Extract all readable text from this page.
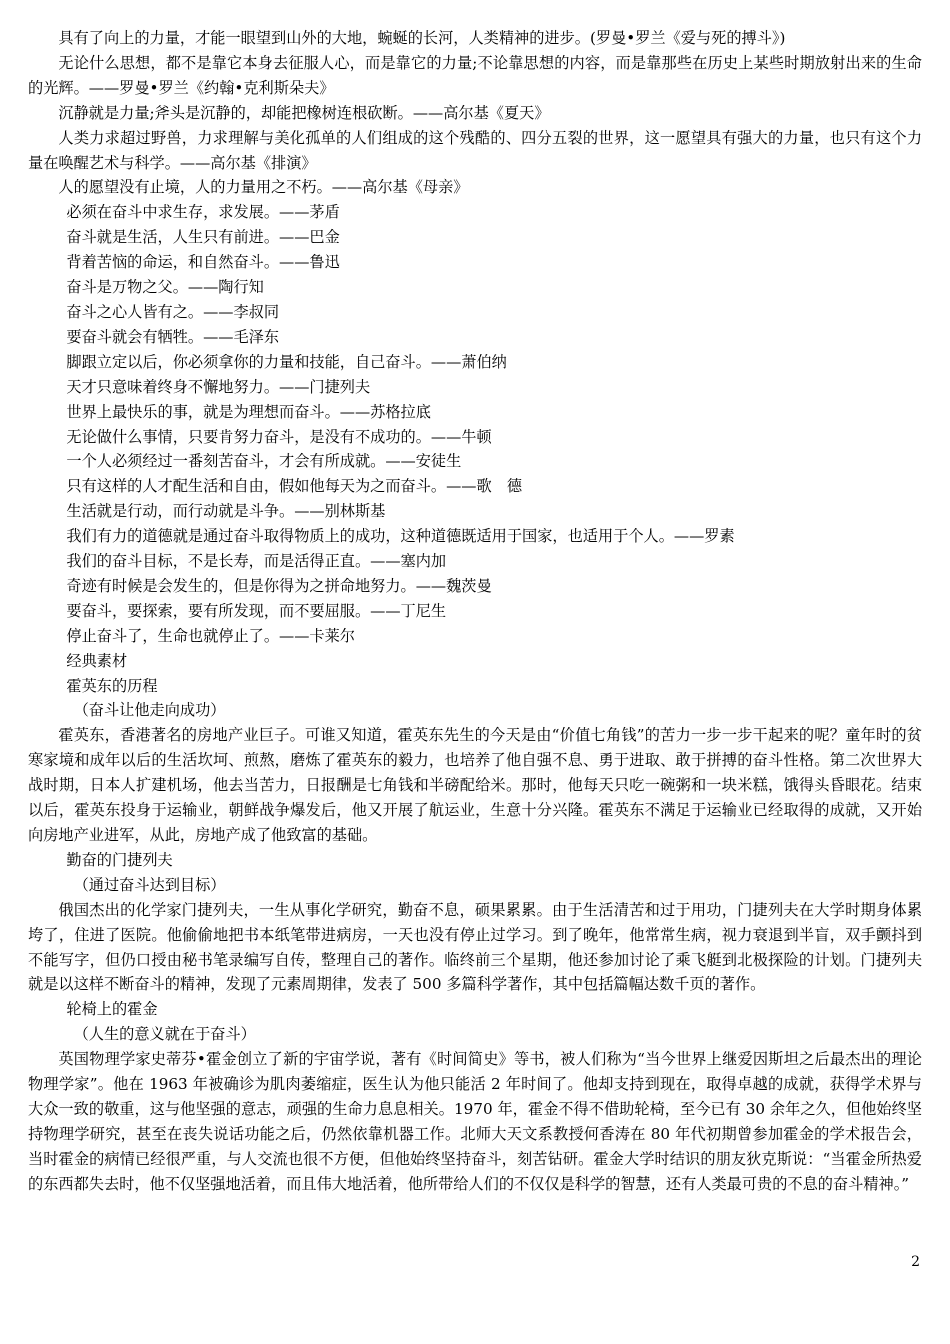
具有了向上的力量，才能一眼望到山外的大地，蜿蜒的长河，人类精神的进步。(罗曼•罗兰《爱与死的搏斗》)
无论什么思想，都不是靠它本身去征服人心，而是靠它的力量;不论靠思想的内容，而是靠那些在历史上某些时期放射出来的生命的光辉。——罗曼•罗兰《约翰•克利斯朵夫》
沉静就是力量;斧头是沉静的，却能把橡树连根砍断。——高尔基《夏天》
人类力求超过野兽，力求理解与美化孤单的人们组成的这个残酷的、四分五裂的世界，这一愿望具有强大的力量，也只有这个力量在唤醒艺术与科学。——高尔基《排演》
人的愿望没有止境，人的力量用之不朽。——高尔基《母亲》
必须在奋斗中求生存，求发展。——茅盾
奋斗就是生活，人生只有前进。——巴金
背着苦恼的命运，和自然奋斗。——鲁迅
奋斗是万物之父。——陶行知
奋斗之心人皆有之。——李叔同
要奋斗就会有牺牲。——毛泽东
脚跟立定以后，你必须拿你的力量和技能，自己奋斗。——萧伯纳
天才只意味着终身不懈地努力。——门捷列夫
世界上最快乐的事，就是为理想而奋斗。——苏格拉底
无论做什么事情，只要肯努力奋斗，是没有不成功的。——牛顿
一个人必须经过一番刻苦奋斗，才会有所成就。——安徒生
只有这样的人才配生活和自由，假如他每天为之而奋斗。——歌　德
生活就是行动，而行动就是斗争。——别林斯基
我们有力的道德就是通过奋斗取得物质上的成功，这种道德既适用于国家，也适用于个人。——罗素
我们的奋斗目标，不是长寿，而是活得正直。——塞内加
奇迹有时候是会发生的，但是你得为之拼命地努力。——魏茨曼
要奋斗，要探索，要有所发现，而不要屈服。——丁尼生
停止奋斗了，生命也就停止了。——卡莱尔
经典素材
霍英东的历程
（奋斗让他走向成功）
霍英东，香港著名的房地产业巨子。可谁又知道，霍英东先生的今天是由“价值七角钱”的苦力一步一步干起来的呢？童年时的贫寒家境和成年以后的生活坎坷、煎熬，磨炼了霍英东的毅力，也培养了他自强不息、勇于进取、敢于拼搏的奋斗性格。第二次世界大战时期，日本人扩建机场，他去当苦力，日报酬是七角钱和半磅配给米。那时，他每天只吃一碗粥和一块米糕，饿得头昏眼花。结束以后，霍英东投身于运输业，朝鲜战争爆发后，他又开展了航运业，生意十分兴隆。霍英东不满足于运输业已经取得的成就，又开始向房地产业进军，从此，房地产成了他致富的基础。
勤奋的门捷列夫
（通过奋斗达到目标）
俄国杰出的化学家门捷列夫，一生从事化学研究，勤奋不息，硕果累累。由于生活清苦和过于用功，门捷列夫在大学时期身体累垮了，住进了医院。他偷偷地把书本纸笔带进病房，一天也没有停止过学习。到了晚年，他常常生病，视力衰退到半盲，双手颤抖到不能写字，但仍口授由秘书笔录编写自传，整理自己的著作。临终前三个星期，他还参加讨论了乘飞艇到北极探险的计划。门捷列夫就是以这样不断奋斗的精神，发现了元素周期律，发表了 500 多篇科学著作，其中包括篇幅达数千页的著作。
轮椅上的霍金
（人生的意义就在于奋斗）
英国物理学家史蒂芬•霍金创立了新的宇宙学说，著有《时间简史》等书，被人们称为“当今世界上继爱因斯坦之后最杰出的理论物理学家”。他在 1963 年被确诊为肌肉萎缩症，医生认为他只能活 2 年时间了。他却支持到现在，取得卓越的成就，获得学术界与大众一致的敬重，这与他坚强的意志，顽强的生命力息息相关。1970 年，霍金不得不借助轮椅，至今已有 30 余年之久，但他始终坚持物理学研究，甚至在丧失说话功能之后，仍然依靠机器工作。北师大天文系教授何香涛在 80 年代初期曾参加霍金的学术报告会，当时霍金的病情已经很严重，与人交流也很不方便，但他始终坚持奋斗，刻苦钻研。霍金大学时结识的朋友狄克斯说：“当霍金所热爱的东西都失去时，他不仅坚强地活着，而且伟大地活着，他所带给人们的不仅仅是科学的智慧，还有人类最可贵的不息的奋斗精神。”
2
